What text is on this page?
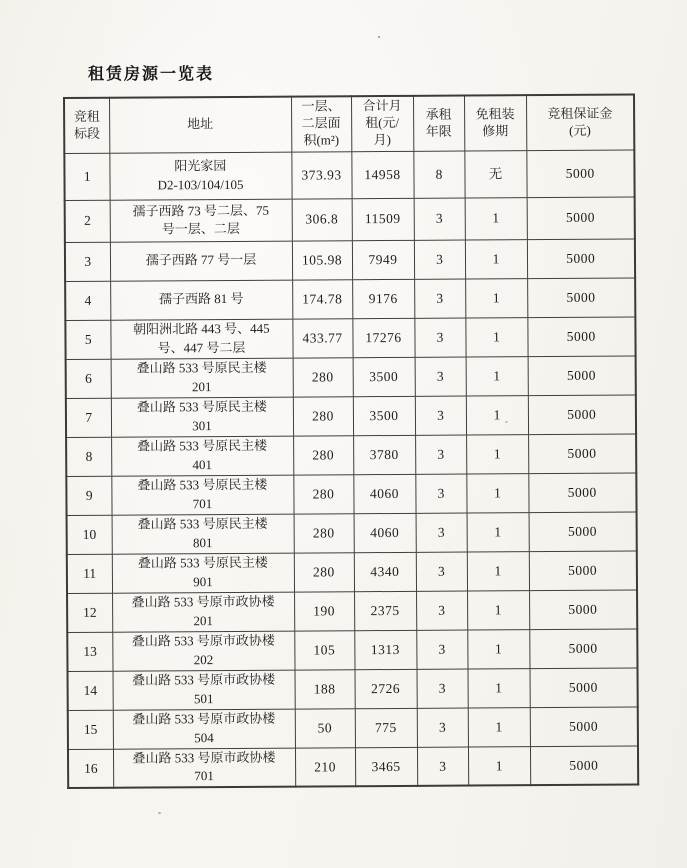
租赁房源一览表
竞租
标段	地址	一层、
二层面
积(m²)	合计月
租(元/
月)	承租
年限	免租装
修期	竞租保证金
(元)
1	阳光家园
D2-103/104/105	373.93	14958	8	无	5000
2	孺子西路 73 号二层、75
号一层、二层	306.8	11509	3	1	5000
3	孺子西路 77 号一层	105.98	7949	3	1	5000
4	孺子西路 81 号	174.78	9176	3	1	5000
5	朝阳洲北路 443 号、445
号、447 号二层	433.77	17276	3	1	5000
6	叠山路 533 号原民主楼
201	280	3500	3	1	5000
7	叠山路 533 号原民主楼
301	280	3500	3	1	5000
8	叠山路 533 号原民主楼
401	280	3780	3	1	5000
9	叠山路 533 号原民主楼
701	280	4060	3	1	5000
10	叠山路 533 号原民主楼
801	280	4060	3	1	5000
11	叠山路 533 号原民主楼
901	280	4340	3	1	5000
12	叠山路 533 号原市政协楼
201	190	2375	3	1	5000
13	叠山路 533 号原市政协楼
202	105	1313	3	1	5000
14	叠山路 533 号原市政协楼
501	188	2726	3	1	5000
15	叠山路 533 号原市政协楼
504	50	775	3	1	5000
16	叠山路 533 号原市政协楼
701	210	3465	3	1	5000
